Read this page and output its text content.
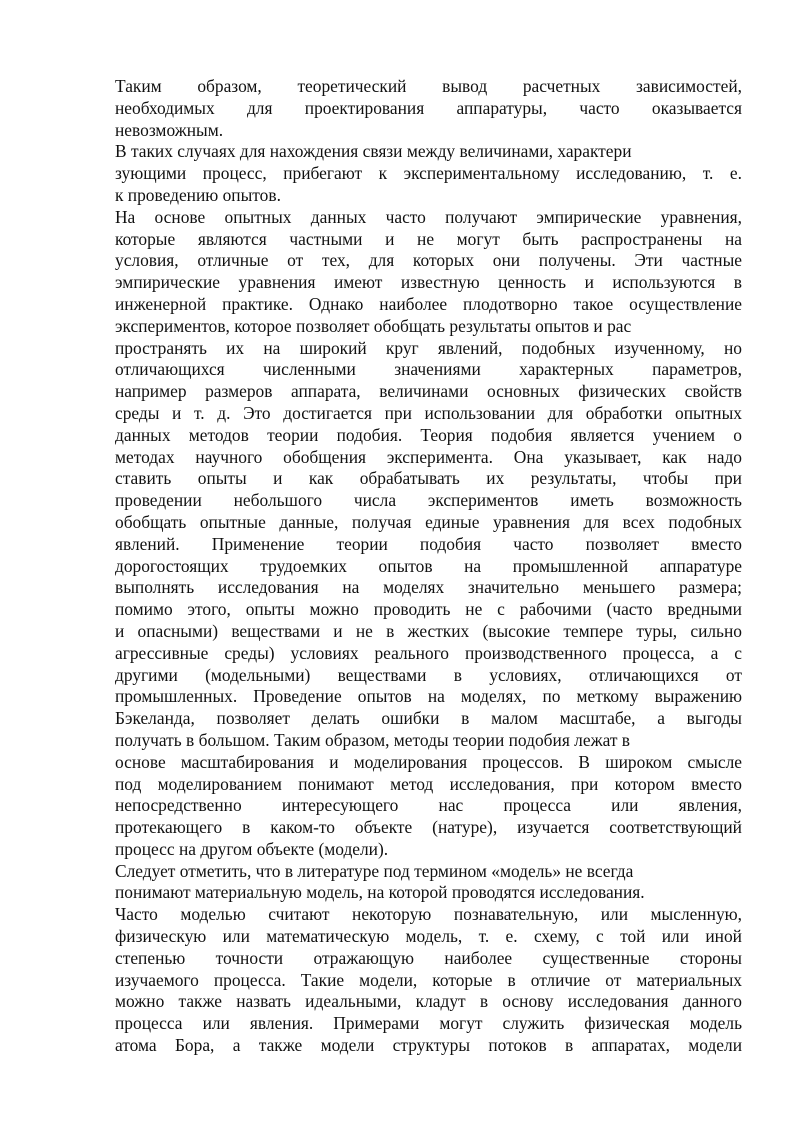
Таким образом, теоретический вывод расчетных зависимостей,
необходимых для проектирования аппаратуры, часто оказывается
невозможным.
В таких случаях для нахождения связи между величинами, характери
зующими процесс, прибегают к экспериментальному исследованию, т. е.
к проведению опытов.
На основе опытных данных часто получают эмпирические уравнения,
которые являются частными и не могут быть распространены на
условия, отличные от тех, для которых они получены. Эти частные
эмпирические уравнения имеют известную ценность и используются в
инженерной практике. Однако наиболее плодотворно такое осуществление
экспериментов, которое позволяет обобщать результаты опытов и рас
пространять их на широкий круг явлений, подобных изученному, но
отличающихся численными значениями характерных параметров,
например размеров аппарата, величинами основных физических свойств
среды и т. д. Это достигается при использовании для обработки опытных
данных методов теории подобия. Теория подобия является учением о
методах научного обобщения эксперимента. Она указывает, как надо
ставить опыты и как обрабатывать их результаты, чтобы при
проведении небольшого числа экспериментов иметь возможность
обобщать опытные данные, получая единые уравнения для всех подобных
явлений. Применение теории подобия часто позволяет вместо
дорогостоящих трудоемких опытов на промышленной аппаратуре
выполнять исследования на моделях значительно меньшего размера;
помимо этого, опыты можно проводить не с рабочими (часто вредными
и опасными) веществами и не в жестких (высокие темпере туры, сильно
агрессивные среды) условиях реального производственного процесса, а с
другими (модельными) веществами в условиях, отличающихся от
промышленных. Проведение опытов на моделях, по меткому выражению
Бэкеланда, позволяет делать ошибки в малом масштабе, а выгоды
получать в большом. Таким образом, методы теории подобия лежат в
основе масштабирования и моделирования процессов. В широком смысле
под моделированием понимают метод исследования, при котором вместо
непосредственно интересующего нас процесса или явления,
протекающего в каком-то объекте (натуре), изучается соответствующий
процесс на другом объекте (модели).
Следует отметить, что в литературе под термином «модель» не всегда
понимают материальную модель, на которой проводятся исследования.
Часто моделью считают некоторую познавательную, или мысленную,
физическую или математическую модель, т. е. схему, с той или иной
степенью точности отражающую наиболее существенные стороны
изучаемого процесса. Такие модели, которые в отличие от материальных
можно также назвать идеальными, кладут в основу исследования данного
процесса или явления. Примерами могут служить физическая модель
атома Бора, а также модели структуры потоков в аппаратах, модели
